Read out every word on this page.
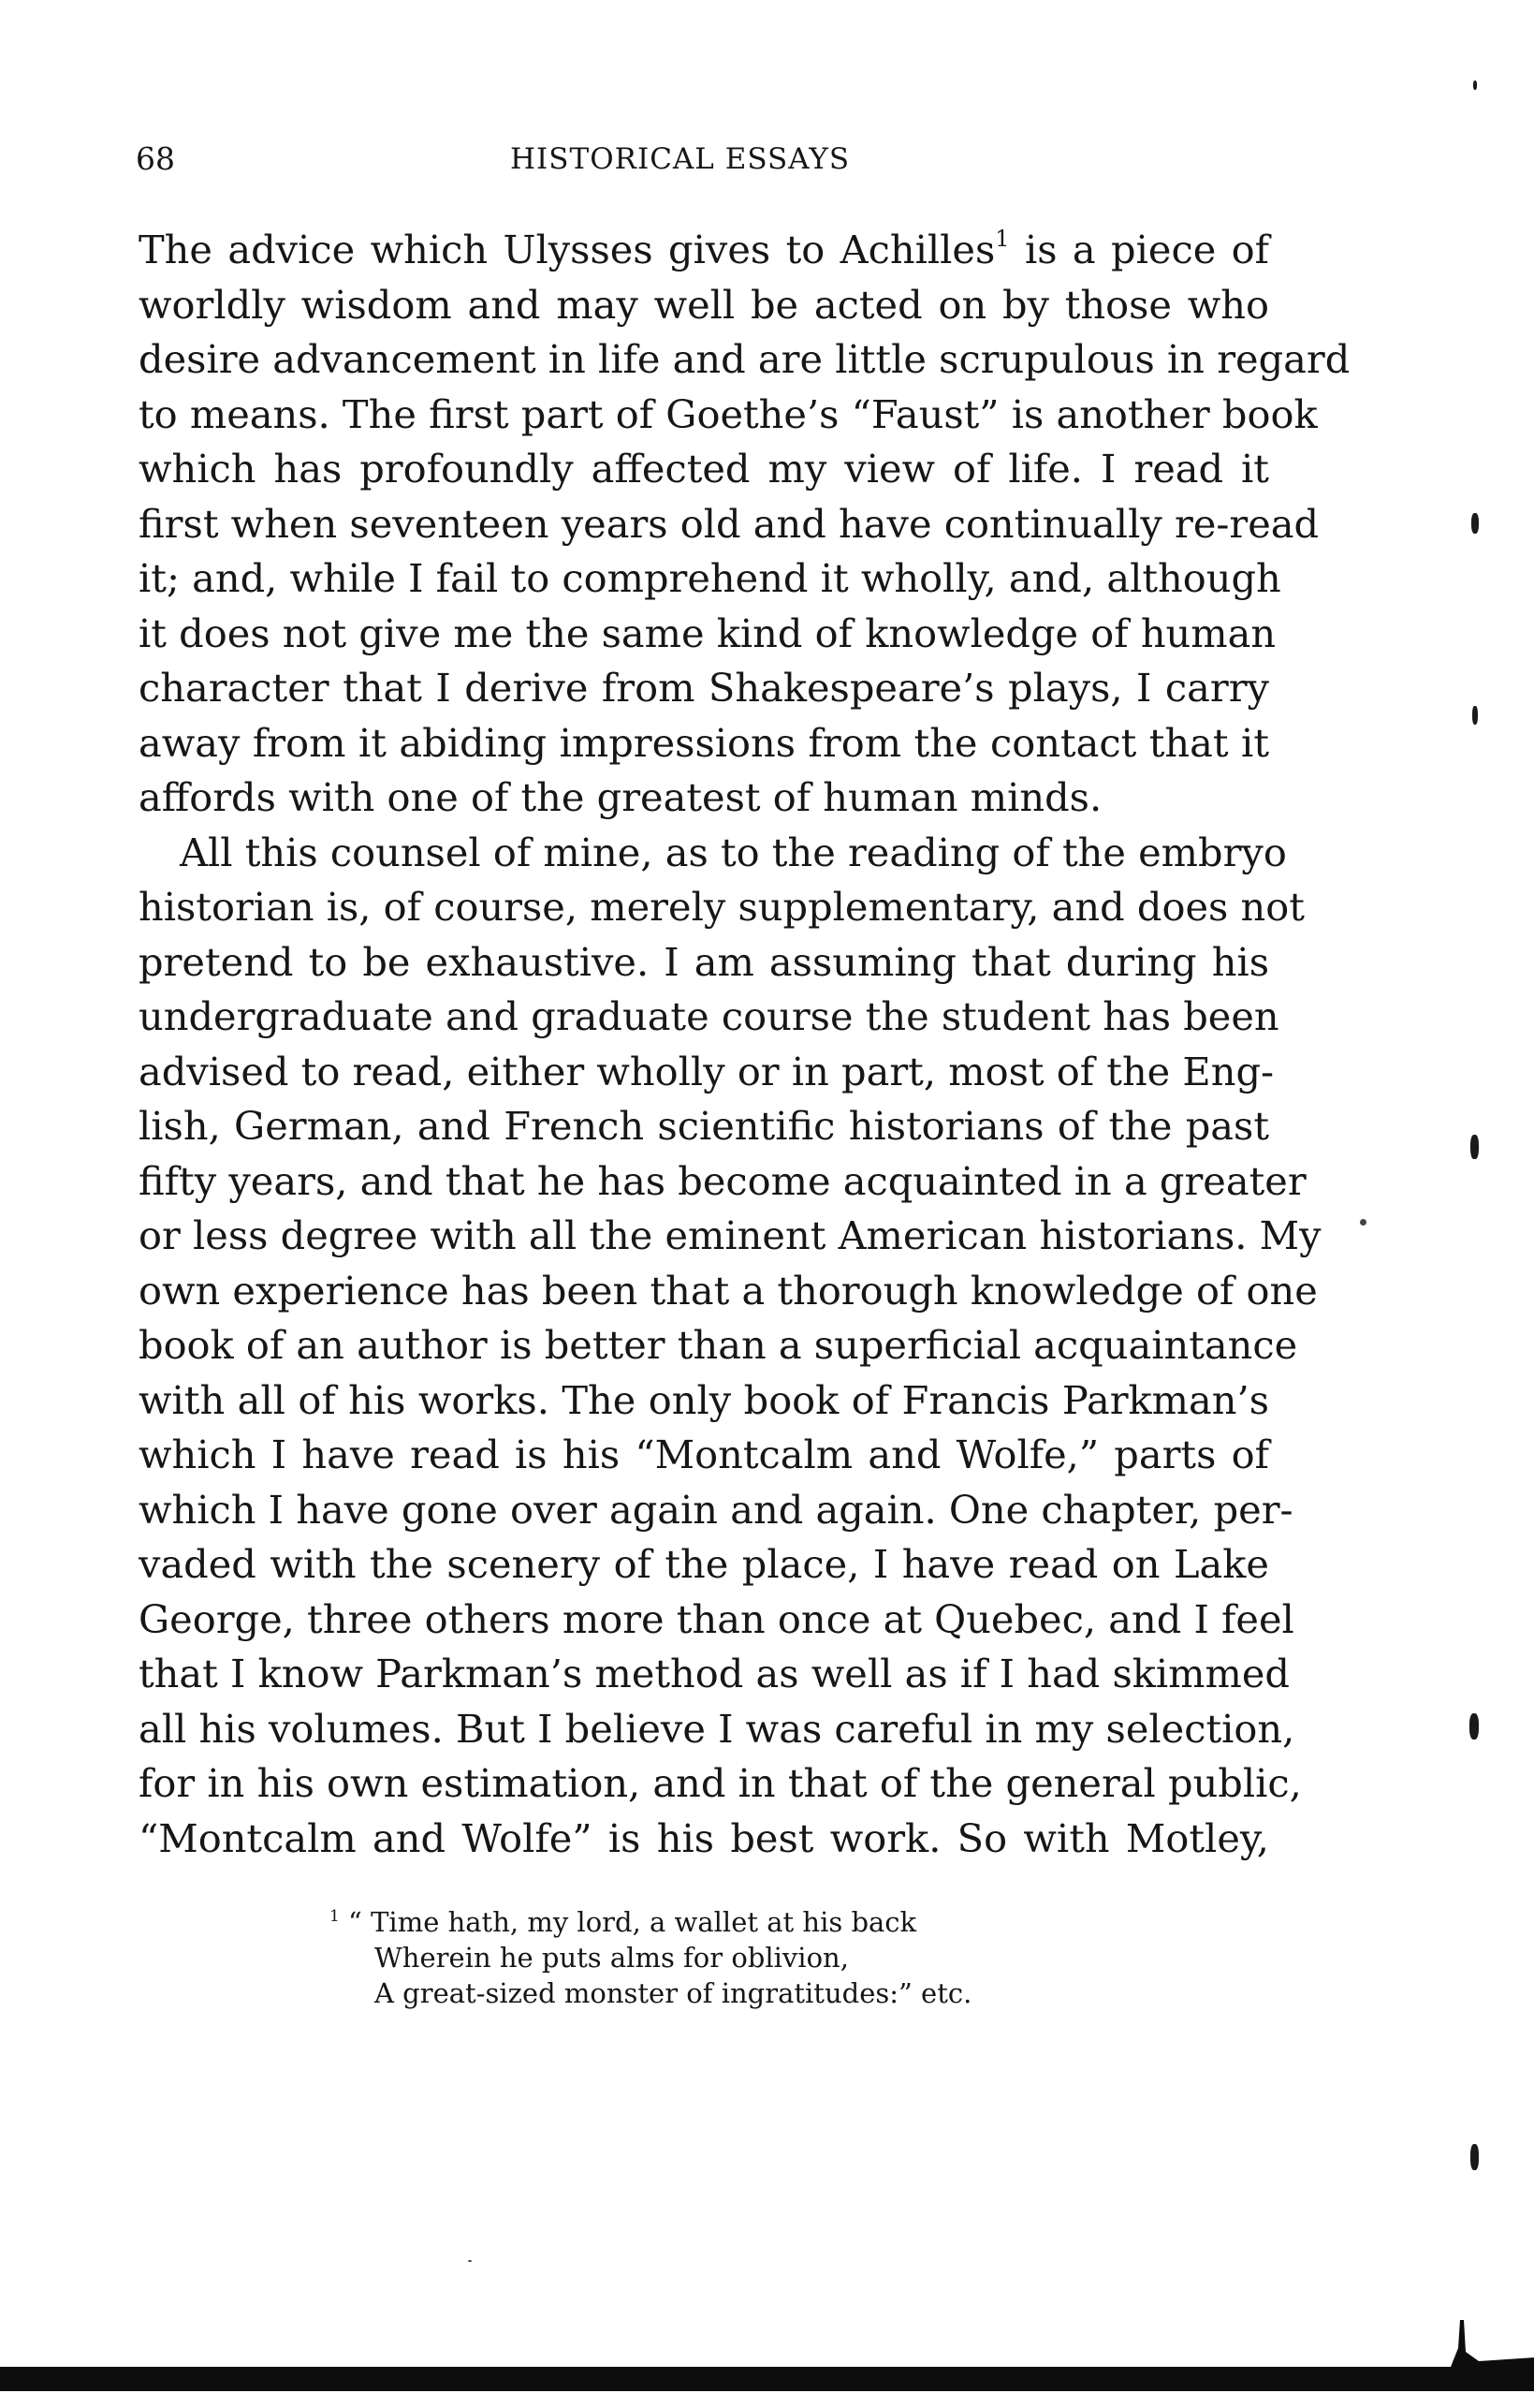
68	HISTORICAL ESSAYS
The advice which Ulysses gives to Achilles$^1$ is a piece of
worldly wisdom and may well be acted on by those who
desire advancement in life and are little scrupulous in regard
to means. The first part of Goethe’s “Faust” is another book
which has profoundly affected my view of life. I read it
first when seventeen years old and have continually re-read
it; and, while I fail to comprehend it wholly, and, although
it does not give me the same kind of knowledge of human
character that I derive from Shakespeare’s plays, I carry
away from it abiding impressions from the contact that it
affords with one of the greatest of human minds.
All this counsel of mine, as to the reading of the embryo
historian is, of course, merely supplementary, and does not
pretend to be exhaustive. I am assuming that during his
undergraduate and graduate course the student has been
advised to read, either wholly or in part, most of the Eng-
lish, German, and French scientific historians of the past
fifty years, and that he has become acquainted in a greater
or less degree with all the eminent American historians. My
own experience has been that a thorough knowledge of one
book of an author is better than a superficial acquaintance
with all of his works. The only book of Francis Parkman’s
which I have read is his “Montcalm and Wolfe,” parts of
which I have gone over again and again. One chapter, per-
vaded with the scenery of the place, I have read on Lake
George, three others more than once at Quebec, and I feel
that I know Parkman’s method as well as if I had skimmed
all his volumes. But I believe I was careful in my selection,
for in his own estimation, and in that of the general public,
“Montcalm and Wolfe” is his best work. So with Motley,
$^1$ “ Time hath, my lord, a wallet at his back
Wherein he puts alms for oblivion,
A great-sized monster of ingratitudes:” etc.
